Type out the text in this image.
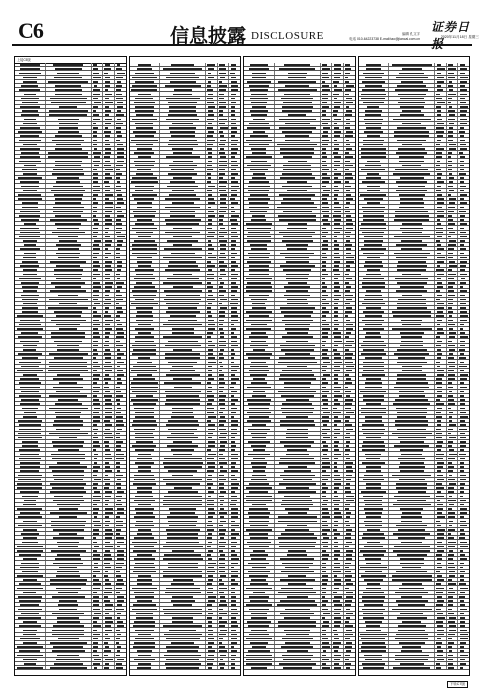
C6	信息披露 DISCLOSURE	编辑 孔文字
电话 010-64223738 E-mail:tao@jiancai.com.cn
证券日报
2020年11月18日 星期三
上接C5版
下转C7版
